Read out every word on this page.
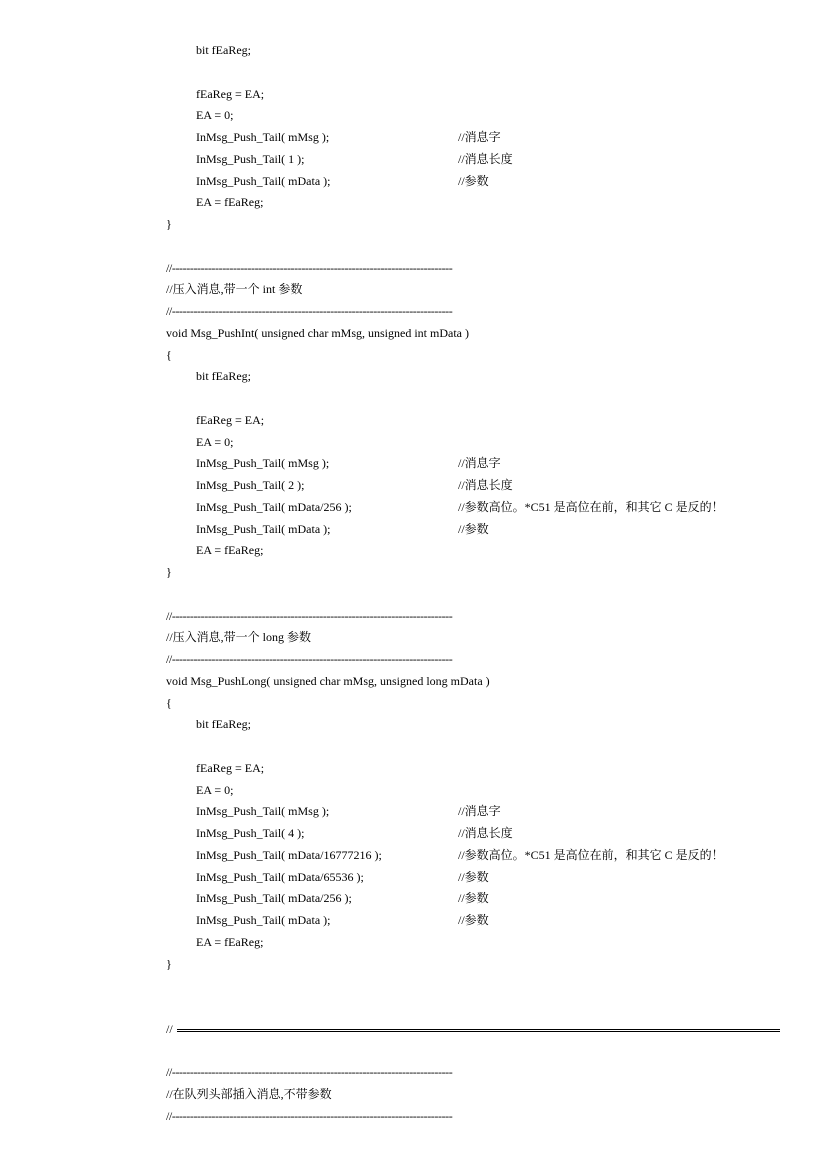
bit fEaReg;
fEaReg = EA;
EA = 0;
InMsg_Push_Tail( mMsg );	//消息字
InMsg_Push_Tail( 1 );	//消息长度
InMsg_Push_Tail( mData );	//参数
EA = fEaReg;
}
//------------------------------------------------------------------------------
//压入消息,带一个 int 参数
//------------------------------------------------------------------------------
void Msg_PushInt( unsigned char mMsg, unsigned int mData )
{
bit fEaReg;
fEaReg = EA;
EA = 0;
InMsg_Push_Tail( mMsg );	//消息字
InMsg_Push_Tail( 2 );	//消息长度
InMsg_Push_Tail( mData/256 );	//参数高位。*C51 是高位在前，和其它 C 是反的！
InMsg_Push_Tail( mData );	//参数
EA = fEaReg;
}
//------------------------------------------------------------------------------
//压入消息,带一个 long 参数
//------------------------------------------------------------------------------
void Msg_PushLong( unsigned char mMsg, unsigned long mData )
{
bit fEaReg;
fEaReg = EA;
EA = 0;
InMsg_Push_Tail( mMsg );	//消息字
InMsg_Push_Tail( 4 );	//消息长度
InMsg_Push_Tail( mData/16777216 );	//参数高位。*C51 是高位在前，和其它 C 是反的！
InMsg_Push_Tail( mData/65536 );	//参数
InMsg_Push_Tail( mData/256 );	//参数
InMsg_Push_Tail( mData );	//参数
EA = fEaReg;
}
//
//------------------------------------------------------------------------------
//在队列头部插入消息,不带参数
//------------------------------------------------------------------------------
